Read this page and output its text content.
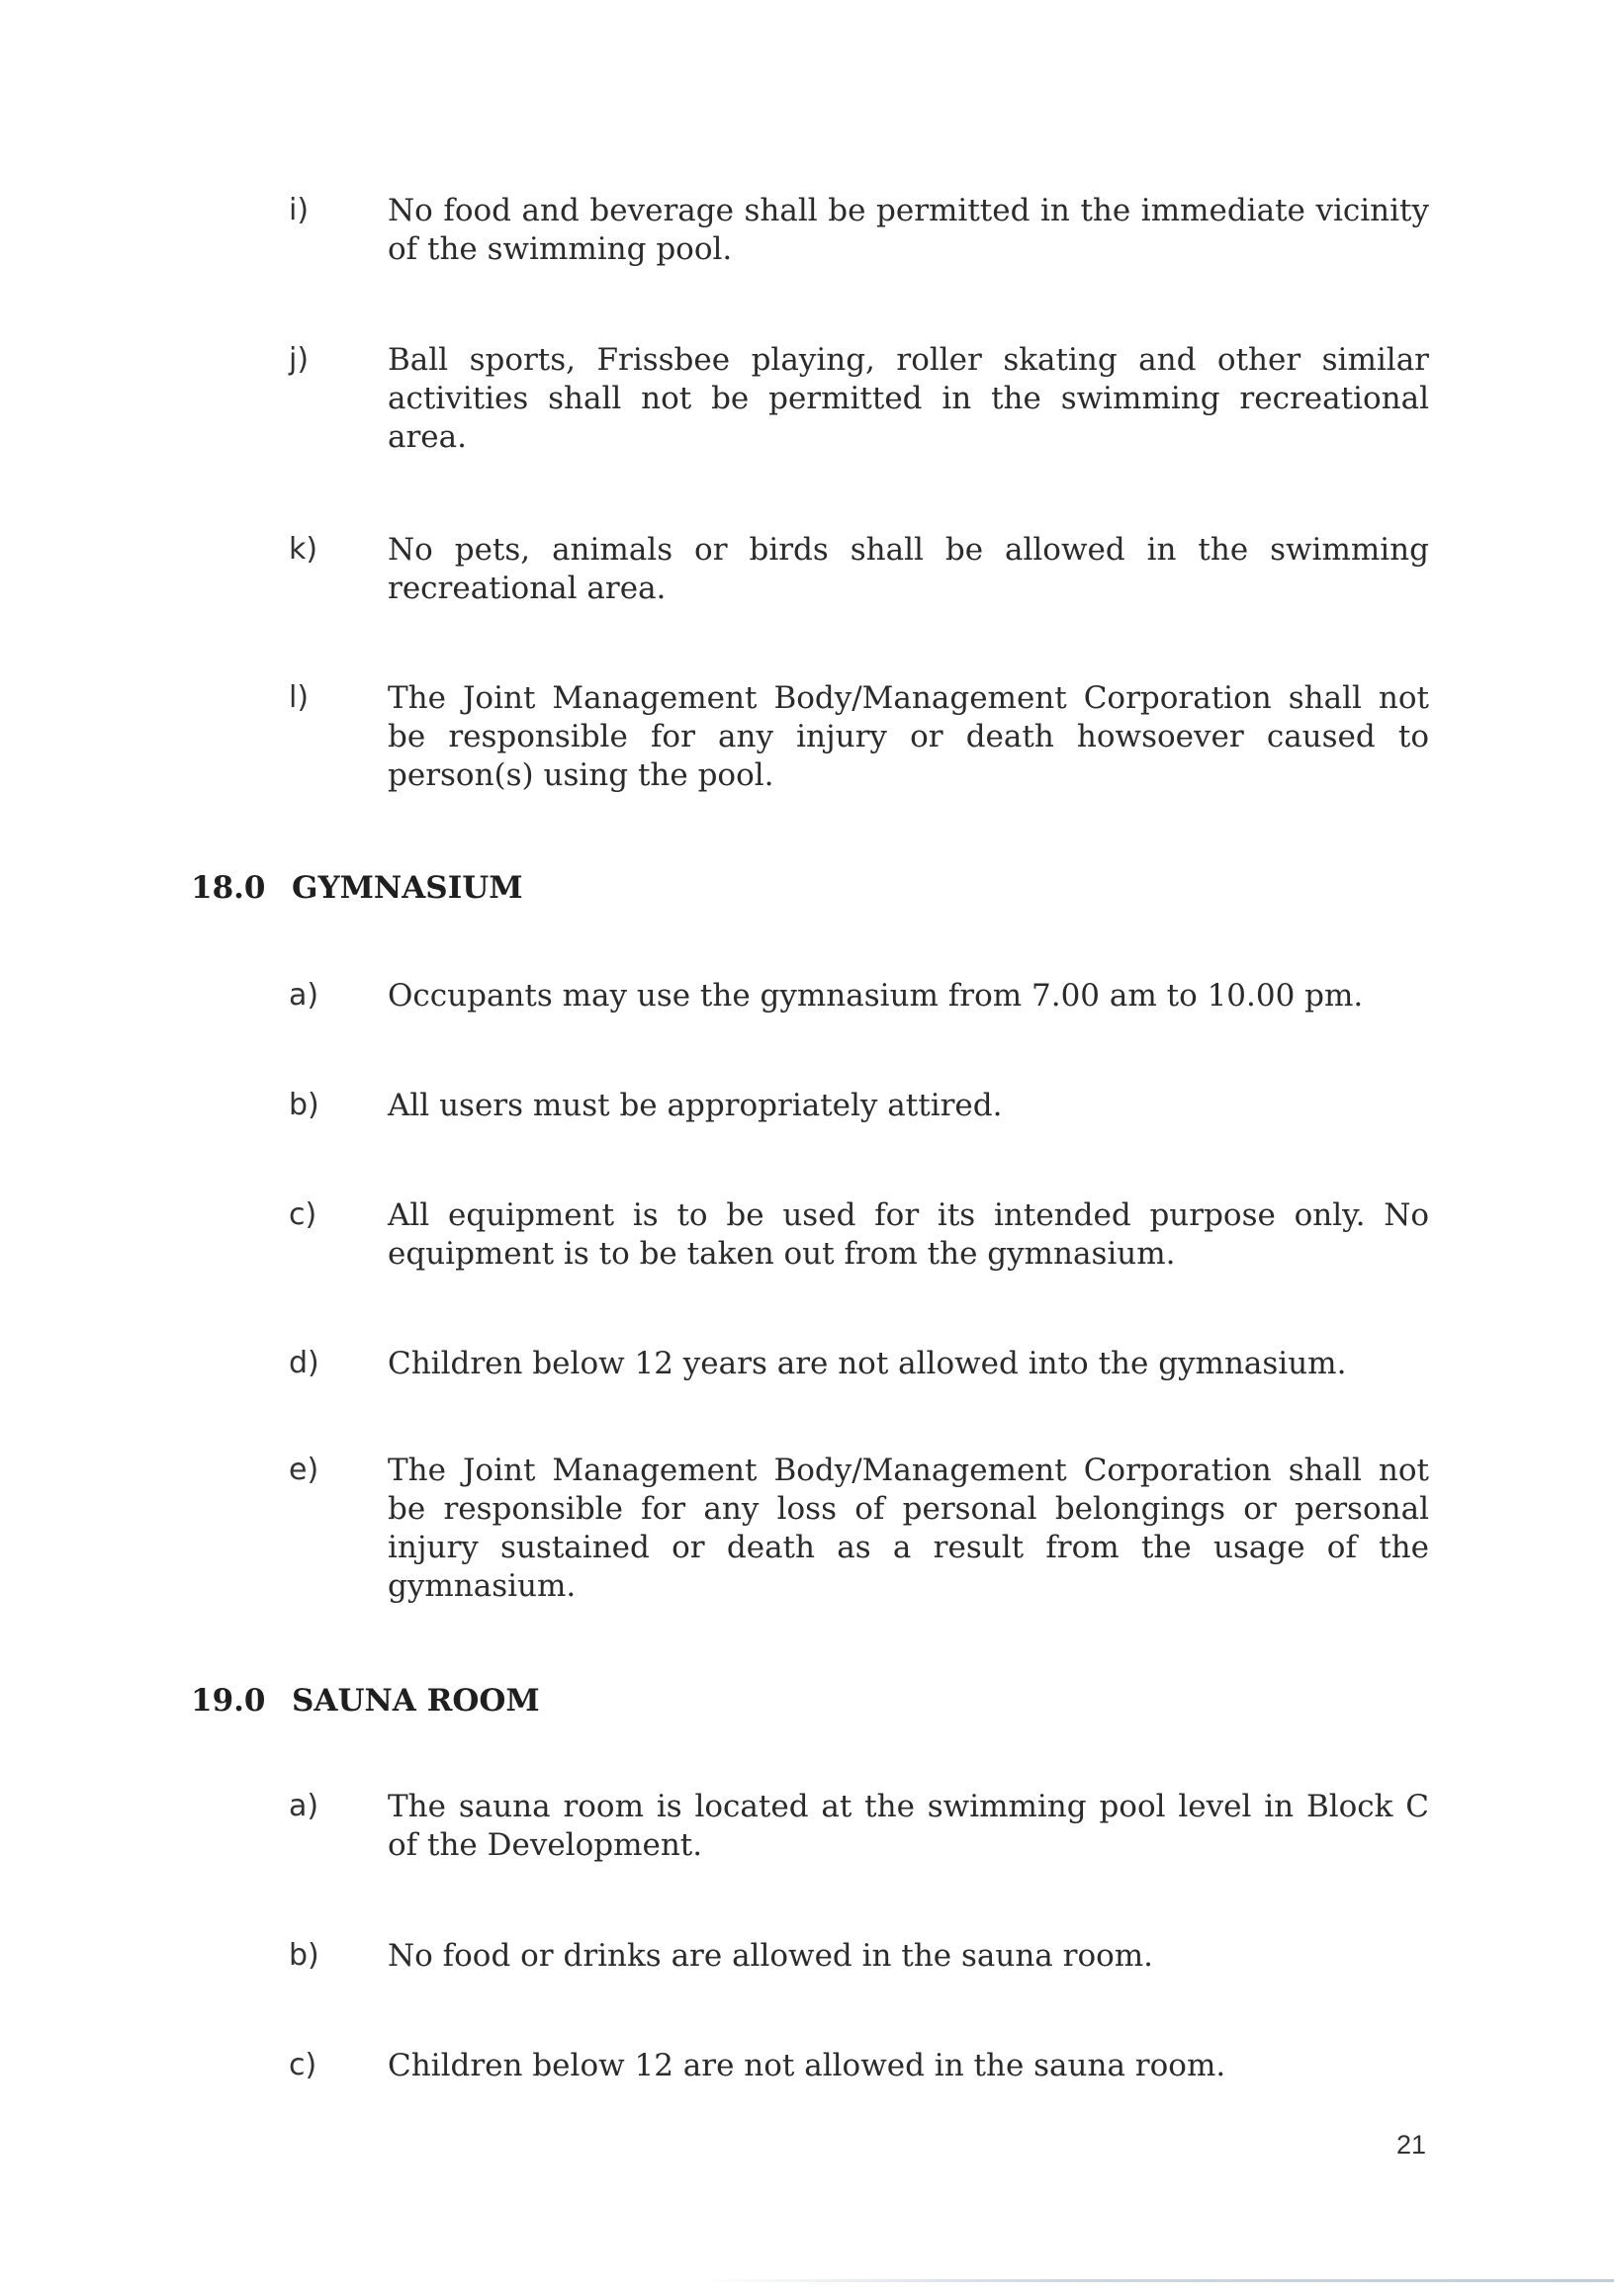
i)	No food and beverage shall be permitted in the immediate vicinity of the swimming pool.
j)	Ball sports, Frissbee playing, roller skating and other similar activities shall not be permitted in the swimming recreational area.
k) No pets, animals or birds shall be allowed in the swimming recreational area.
l)	The Joint Management Body/Management Corporation shall not be responsible for any injury or death howsoever caused to person(s) using the pool.
18.0 GYMNASIUM
a) Occupants may use the gymnasium from 7.00 am to 10.00 pm.
b) All users must be appropriately attired.
c) All equipment is to be used for its intended purpose only. No equipment is to be taken out from the gymnasium.
d) Children below 12 years are not allowed into the gymnasium.
e) The Joint Management Body/Management Corporation shall not be responsible for any loss of personal belongings or personal injury sustained or death as a result from the usage of the gymnasium.
19.0 SAUNA ROOM
a) The sauna room is located at the swimming pool level in Block C of the Development.
b) No food or drinks are allowed in the sauna room.
c) Children below 12 are not allowed in the sauna room.
21
